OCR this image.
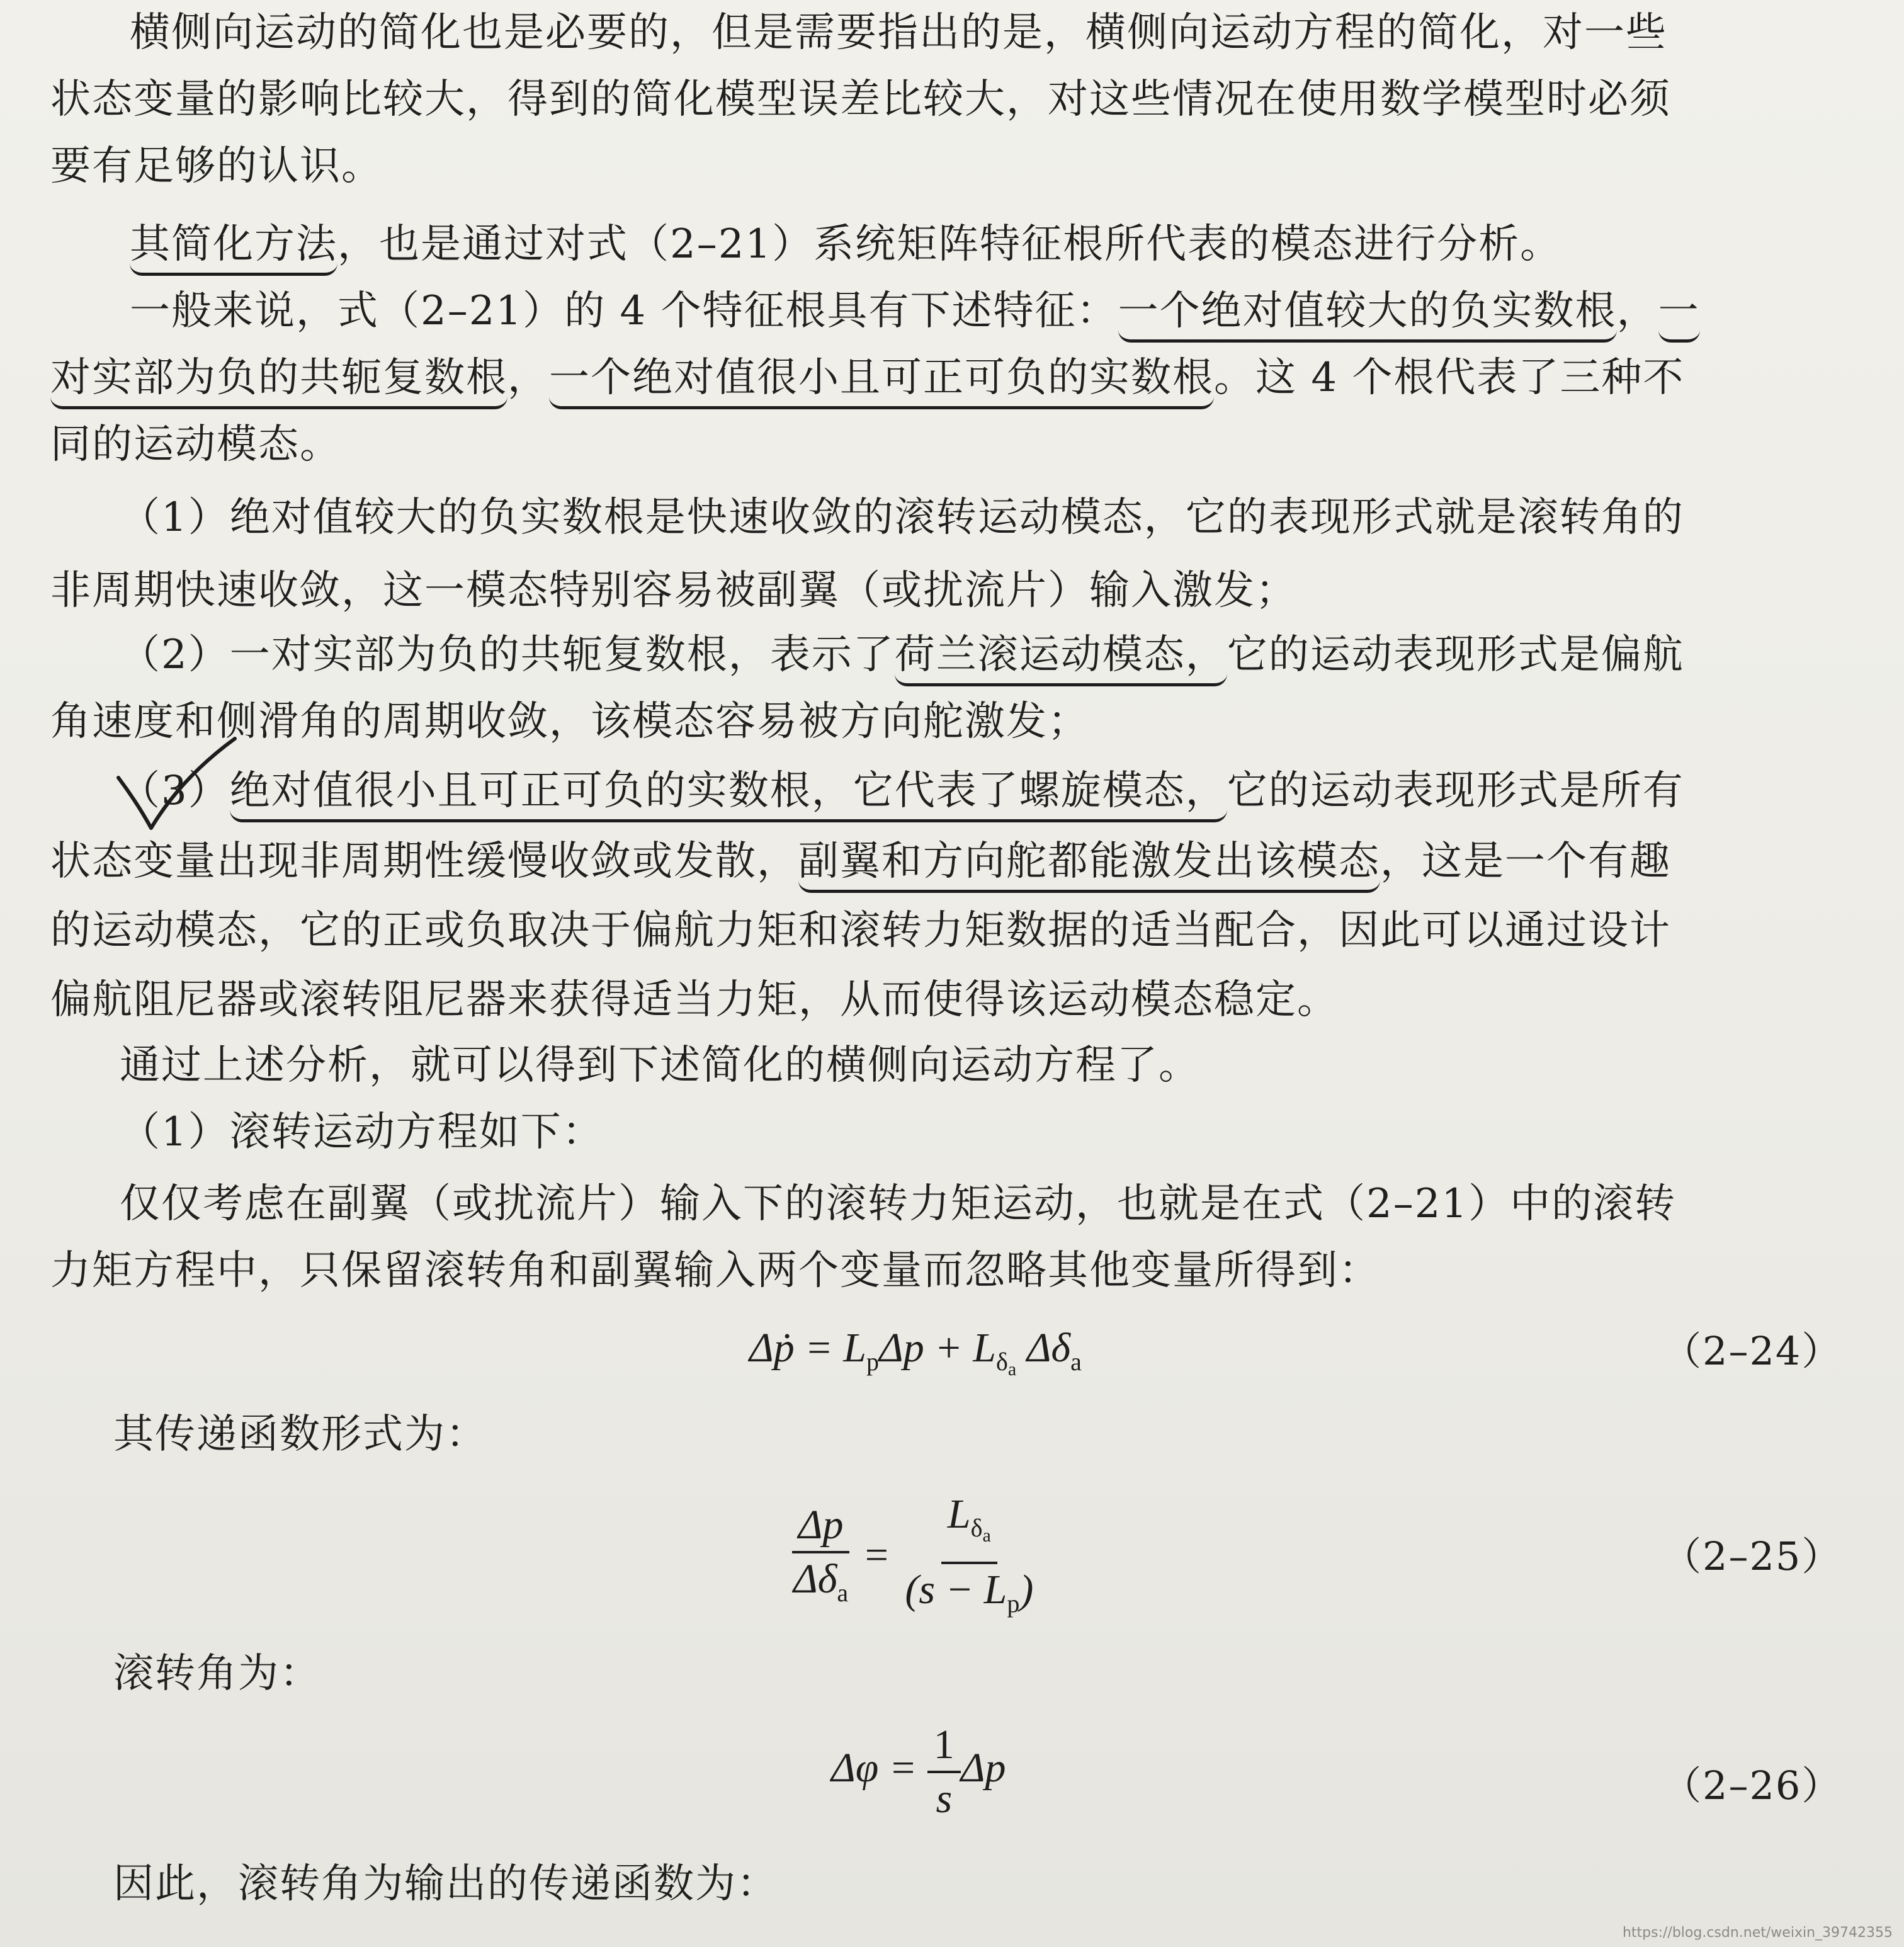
横侧向运动的简化也是必要的，但是需要指出的是，横侧向运动方程的简化，对一些
状态变量的影响比较大，得到的简化模型误差比较大，对这些情况在使用数学模型时必须
要有足够的认识。
其简化方法，也是通过对式（2–21）系统矩阵特征根所代表的模态进行分析。
一般来说，式（2–21）的 4 个特征根具有下述特征：一个绝对值较大的负实数根，一
对实部为负的共轭复数根，一个绝对值很小且可正可负的实数根。这 4 个根代表了三种不
同的运动模态。
（1）绝对值较大的负实数根是快速收敛的滚转运动模态，它的表现形式就是滚转角的
非周期快速收敛，这一模态特别容易被副翼（或扰流片）输入激发；
（2）一对实部为负的共轭复数根，表示了荷兰滚运动模态，它的运动表现形式是偏航
角速度和侧滑角的周期收敛，该模态容易被方向舵激发；
（3）绝对值很小且可正可负的实数根，它代表了螺旋模态，它的运动表现形式是所有
状态变量出现非周期性缓慢收敛或发散，副翼和方向舵都能激发出该模态，这是一个有趣
的运动模态，它的正或负取决于偏航力矩和滚转力矩数据的适当配合，因此可以通过设计
偏航阻尼器或滚转阻尼器来获得适当力矩，从而使得该运动模态稳定。
通过上述分析，就可以得到下述简化的横侧向运动方程了。
（1）滚转运动方程如下：
仅仅考虑在副翼（或扰流片）输入下的滚转力矩运动，也就是在式（2–21）中的滚转
力矩方程中，只保留滚转角和副翼输入两个变量而忽略其他变量所得到：
Δṗ = $L_p\Delta p + L_{\delta_a}$ $\Delta\delta_a$	（2–24）
其传递函数形式为：
$\frac{\Delta p}{\Delta\delta_a} = \frac{L_{\delta_a}}{(s - L_p)}$	（2–25）
滚转角为：
$\Delta\varphi = \frac{1}{s}$ Δp	（2–26）
因此，滚转角为输出的传递函数为：
https://blog.csdn.net/weixin_39742355
